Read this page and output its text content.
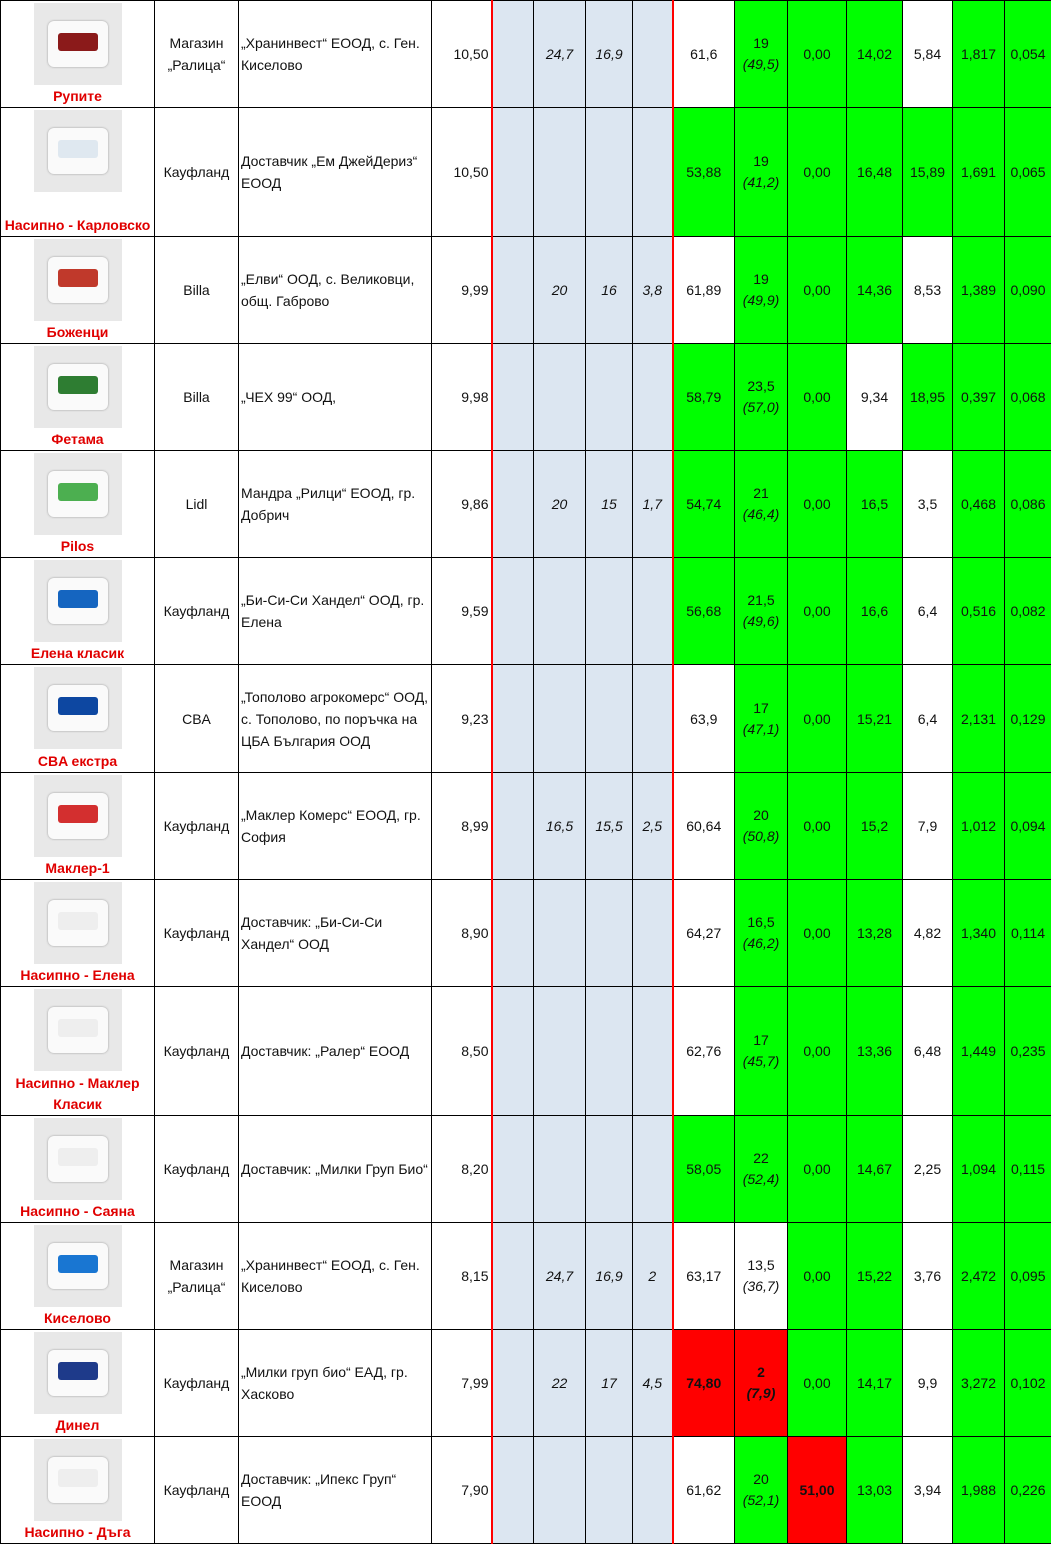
Рупите	Магазин „Ралица“	„Хранинвест“ ЕООД, с. Ген. Киселово	10,50		24,7	16,9		61,6	19
(49,5)	0,00	14,02	5,84	1,817	0,054

Насипно - Карловско	Кауфланд	Доставчик „Ем ДжейДериз“ ЕООД	10,50					53,88	19
(41,2)	0,00	16,48	15,89	1,691	0,065

Боженци	Billa	„Елви“ ООД, с. Великовци, общ. Габрово	9,99		20	16	3,8	61,89	19
(49,9)	0,00	14,36	8,53	1,389	0,090

Фетама	Billa	„ЧЕХ 99“ ООД,	9,98					58,79	23,5
(57,0)	0,00	9,34	18,95	0,397	0,068

Pilos	Lidl	Мандра „Рилци“ ЕООД, гр. Добрич	9,86		20	15	1,7	54,74	21
(46,4)	0,00	16,5	3,5	0,468	0,086

Елена класик	Кауфланд	„Би-Си-Си Хандел“ ООД, гр. Елена	9,59					56,68	21,5
(49,6)	0,00	16,6	6,4	0,516	0,082

CBA екстра	CBA	„Тополово агрокомерс“ ООД, с. Тополово, по поръчка на ЦБА България ООД	9,23					63,9	17
(47,1)	0,00	15,21	6,4	2,131	0,129

Маклер-1	Кауфланд	„Маклер Комерс“ ЕООД, гр. София	8,99		16,5	15,5	2,5	60,64	20
(50,8)	0,00	15,2	7,9	1,012	0,094

Насипно - Елена	Кауфланд	Доставчик: „Би-Си-Си Хандел“ ООД	8,90					64,27	16,5
(46,2)	0,00	13,28	4,82	1,340	0,114

Насипно - Маклер Класик	Кауфланд	Доставчик: „Ралер“ ЕООД	8,50					62,76	17
(45,7)	0,00	13,36	6,48	1,449	0,235

Насипно - Саяна	Кауфланд	Доставчик: „Милки Груп Био“	8,20					58,05	22
(52,4)	0,00	14,67	2,25	1,094	0,115

Киселово	Магазин „Ралица“	„Хранинвест“ ЕООД, с. Ген. Киселово	8,15		24,7	16,9	2	63,17	13,5
(36,7)	0,00	15,22	3,76	2,472	0,095

Динел	Кауфланд	„Милки груп био“ ЕАД, гр. Хасково	7,99		22	17	4,5	74,80	2
(7,9)	0,00	14,17	9,9	3,272	0,102

Насипно - Дъга	Кауфланд	Доставчик: „Ипекс Груп“ ЕООД	7,90					61,62	20
(52,1)	51,00	13,03	3,94	1,988	0,226
